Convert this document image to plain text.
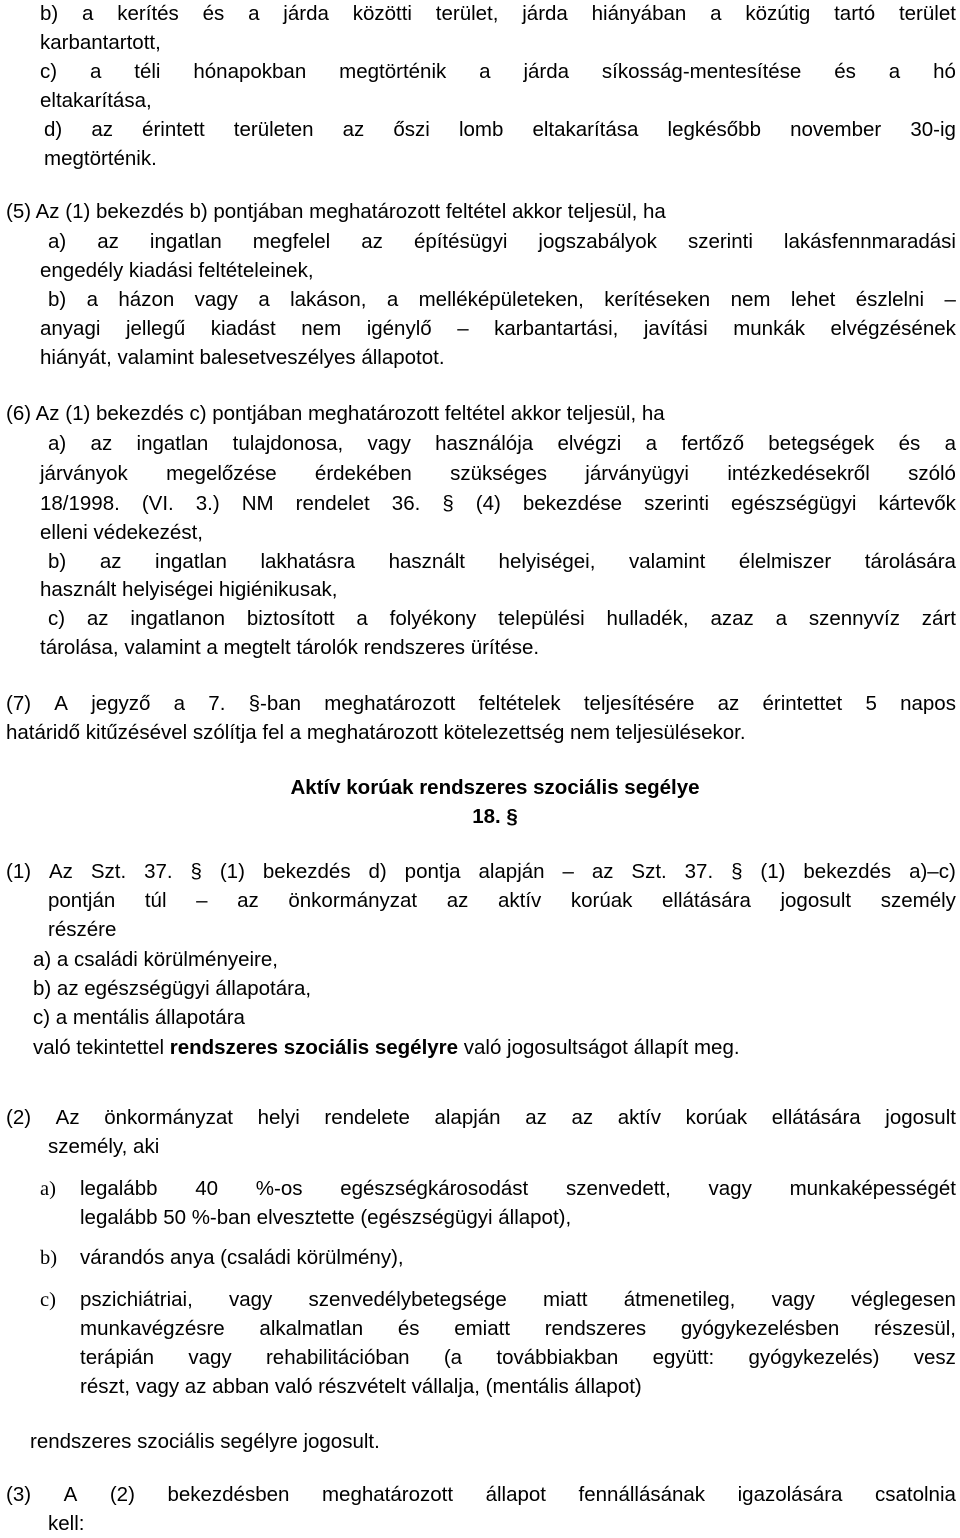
b) a kerítés és a járda közötti terület, járda hiányában a közútig tartó terület
karbantartott,
c) a téli hónapokban megtörténik a járda síkosság-mentesítése és a hó
eltakarítása,
d) az érintett területen az őszi lomb eltakarítása legkésőbb november 30-ig
megtörténik.
(5) Az (1) bekezdés b) pontjában meghatározott feltétel akkor teljesül, ha
a) az ingatlan megfelel az építésügyi jogszabályok szerinti lakásfennmaradási
engedély kiadási feltételeinek,
b) a házon vagy a lakáson, a melléképületeken, kerítéseken nem lehet észlelni –
anyagi jellegű kiadást nem igénylő – karbantartási, javítási munkák elvégzésének
hiányát, valamint balesetveszélyes állapotot.
(6) Az (1) bekezdés c) pontjában meghatározott feltétel akkor teljesül, ha
a) az ingatlan tulajdonosa, vagy használója elvégzi a fertőző betegségek és a
járványok megelőzése érdekében szükséges járványügyi intézkedésekről szóló
18/1998. (VI. 3.) NM rendelet 36. § (4) bekezdése szerinti egészségügyi kártevők
elleni védekezést,
b) az ingatlan lakhatásra használt helyiségei, valamint élelmiszer tárolására
használt helyiségei higiénikusak,
c) az ingatlanon biztosított a folyékony települési hulladék, azaz a szennyvíz zárt
tárolása, valamint a megtelt tárolók rendszeres ürítése.
(7) A jegyző a 7. §-ban meghatározott feltételek teljesítésére az érintettet 5 napos
határidő kitűzésével szólítja fel a meghatározott kötelezettség nem teljesülésekor.
Aktív korúak rendszeres szociális segélye
18. §
(1) Az Szt. 37. § (1) bekezdés d) pontja alapján – az Szt. 37. § (1) bekezdés a)–c)
pontján túl – az önkormányzat az aktív korúak ellátására jogosult személy
részére
a) a családi körülményeire,
b) az egészségügyi állapotára,
c) a mentális állapotára
való tekintettel rendszeres szociális segélyre való jogosultságot állapít meg.
(2) Az önkormányzat helyi rendelete alapján az az aktív korúak ellátására jogosult
személy, aki
a) legalább 40 %-os egészségkárosodást szenvedett, vagy munkaképességét
legalább 50 %-ban elvesztette (egészségügyi állapot),
b) várandós anya (családi körülmény),
c) pszichiátriai, vagy szenvedélybetegsége miatt átmenetileg, vagy véglegesen
munkavégzésre alkalmatlan és emiatt rendszeres gyógykezelésben részesül,
terápián vagy rehabilitációban (a továbbiakban együtt: gyógykezelés) vesz
részt, vagy az abban való részvételt vállalja, (mentális állapot)
rendszeres szociális segélyre jogosult.
(3) A (2) bekezdésben meghatározott állapot fennállásának igazolására csatolnia
kell:
